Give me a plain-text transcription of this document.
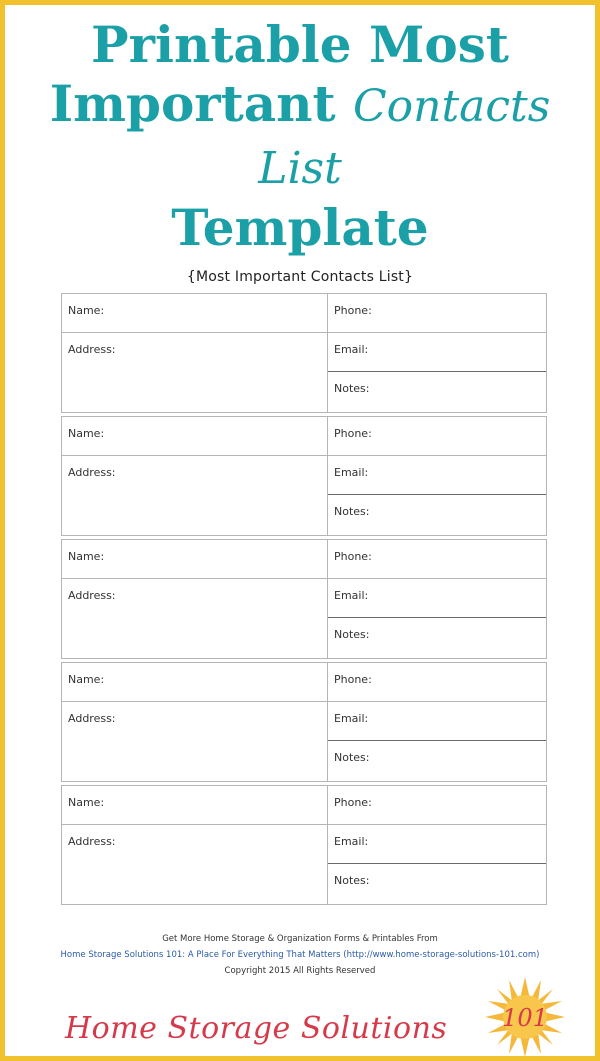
Printable Most
Important Contacts List
Template
{Most Important Contacts List}
Name:	Phone:
Address:	Email:
Notes:
Name:	Phone:
Address:	Email:
Notes:
Name:	Phone:
Address:	Email:
Notes:
Name:	Phone:
Address:	Email:
Notes:
Name:	Phone:
Address:	Email:
Notes:
Get More Home Storage & Organization Forms & Printables From
Home Storage Solutions 101: A Place For Everything That Matters (http://www.home-storage-solutions-101.com)
Copyright 2015 All Rights Reserved
Home Storage Solutions 101
